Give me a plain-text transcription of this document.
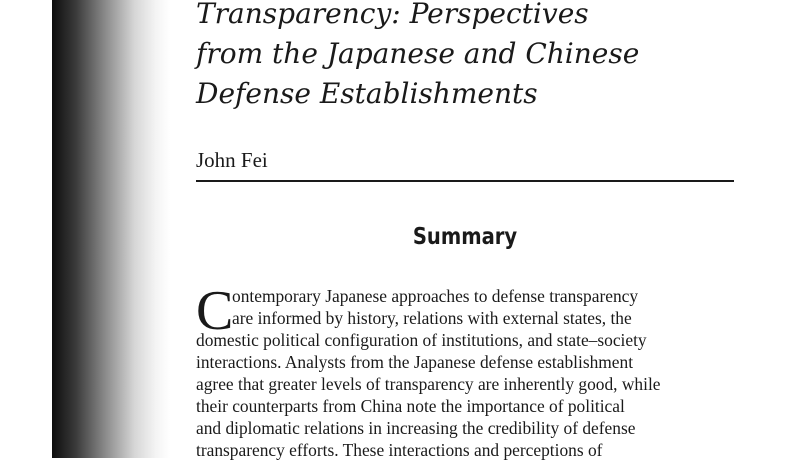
Transparency: Perspectives
from the Japanese and Chinese
Defense Establishments
John Fei
Summary
C
ontemporary Japanese approaches to defense transparency
are informed by history, relations with external states, the
domestic political configuration of institutions, and state–society
interactions. Analysts from the Japanese defense establishment
agree that greater levels of transparency are inherently good, while
their counterparts from China note the importance of political
and diplomatic relations in increasing the credibility of defense
transparency efforts. These interactions and perceptions of
